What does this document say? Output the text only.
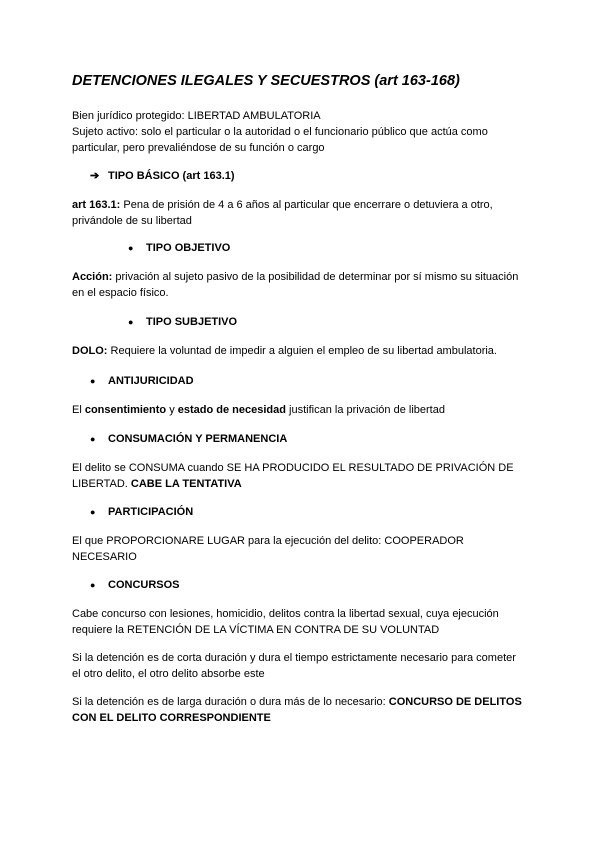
DETENCIONES ILEGALES Y SECUESTROS (art 163-168)
Bien jurídico protegido: LIBERTAD AMBULATORIA
Sujeto activo: solo el particular o la autoridad o el funcionario público que actúa como
particular, pero prevaliéndose de su función o cargo
➔ TIPO BÁSICO (art 163.1)
art 163.1: Pena de prisión de 4 a 6 años al particular que encerrare o detuviera a otro,
privándole de su libertad
● TIPO OBJETIVO
Acción: privación al sujeto pasivo de la posibilidad de determinar por sí mismo su situación
en el espacio físico.
● TIPO SUBJETIVO
DOLO: Requiere la voluntad de impedir a alguien el empleo de su libertad ambulatoria.
● ANTIJURICIDAD
El consentimiento y estado de necesidad justifican la privación de libertad
● CONSUMACIÓN Y PERMANENCIA
El delito se CONSUMA cuando SE HA PRODUCIDO EL RESULTADO DE PRIVACIÓN DE
LIBERTAD. CABE LA TENTATIVA
● PARTICIPACIÓN
El que PROPORCIONARE LUGAR para la ejecución del delito: COOPERADOR
NECESARIO
● CONCURSOS
Cabe concurso con lesiones, homicidio, delitos contra la libertad sexual, cuya ejecución
requiere la RETENCIÓN DE LA VÍCTIMA EN CONTRA DE SU VOLUNTAD
Si la detención es de corta duración y dura el tiempo estrictamente necesario para cometer
el otro delito, el otro delito absorbe este
Si la detención es de larga duración o dura más de lo necesario: CONCURSO DE DELITOS
CON EL DELITO CORRESPONDIENTE
